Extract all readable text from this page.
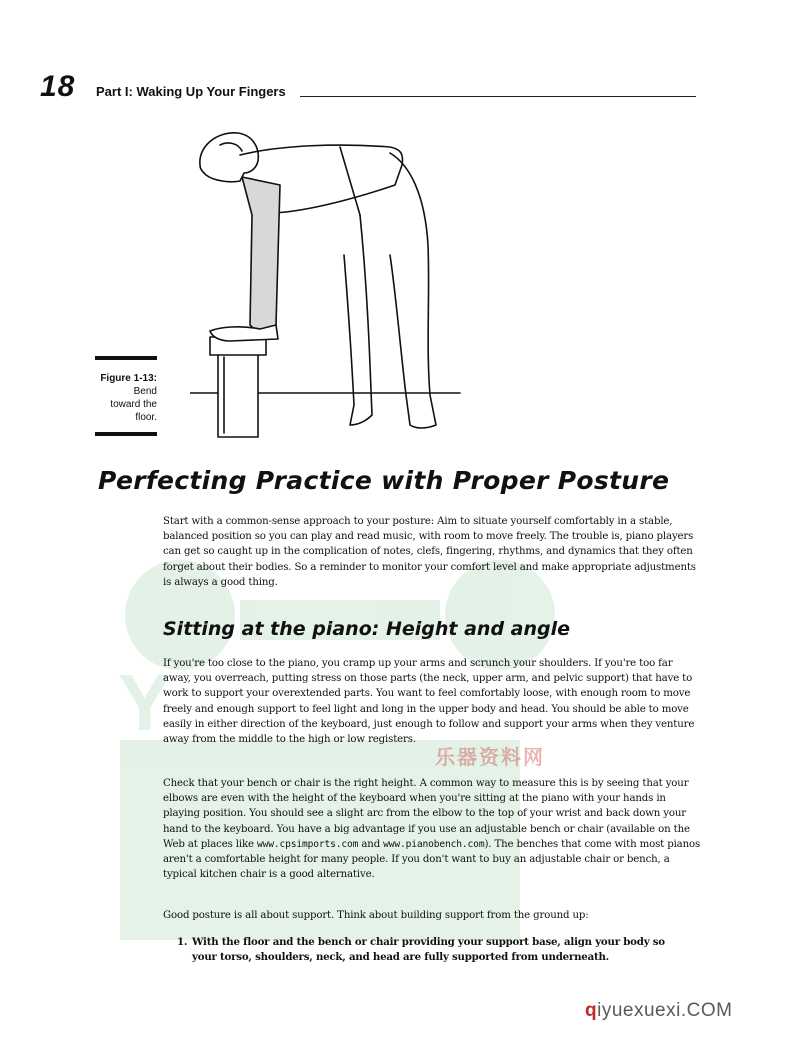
Y
乐器资料网
18 Part I: Waking Up Your Fingers
Figure 1-13:
Bend
toward the
floor.
Perfecting Practice with Proper Posture

Start with a common-sense approach to your posture: Aim to situate yourself comfortably in a stable, balanced position so you can play and read music, with room to move freely. The trouble is, piano players can get so caught up in the complication of notes, clefs, fingering, rhythms, and dynamics that they often forget about their bodies. So a reminder to monitor your comfort level and make appropriate adjustments is always a good thing.

Sitting at the piano: Height and angle

If you're too close to the piano, you cramp up your arms and scrunch your shoulders. If you're too far away, you overreach, putting stress on those parts (the neck, upper arm, and pelvic support) that have to work to support your overextended parts. You want to feel comfortably loose, with enough room to move freely and enough support to feel light and long in the upper body and head. You should be able to move easily in either direction of the keyboard, just enough to follow and support your arms when they venture away from the middle to the high or low registers.

Check that your bench or chair is the right height. A common way to measure this is by seeing that your elbows are even with the height of the keyboard when you're sitting at the piano with your hands in playing position. You should see a slight arc from the elbow to the top of your wrist and back down your hand to the keyboard. You have a big advantage if you use an adjustable bench or chair (available on the Web at places like www.cpsimports.com and www.pianobench.com). The benches that come with most pianos aren't a comfortable height for many people. If you don't want to buy an adjustable chair or bench, a typical kitchen chair is a good alternative.

Good posture is all about support. Think about building support from the ground up:

1. With the floor and the bench or chair providing your support base, align your body so your torso, shoulders, neck, and head are fully supported from underneath.
qiyuexuexi.COM
